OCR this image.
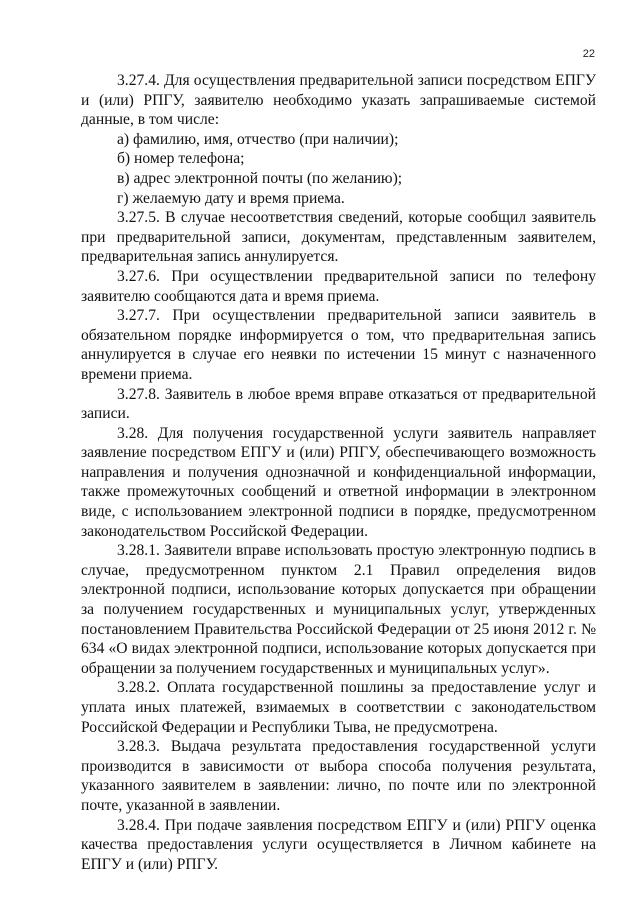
22

3.27.4. Для осуществления предварительной записи посредством ЕПГУ и (или) РПГУ, заявителю необходимо указать запрашиваемые системой данные, в том числе:

а) фамилию, имя, отчество (при наличии);

б) номер телефона;

в) адрес электронной почты (по желанию);

г) желаемую дату и время приема.

3.27.5. В случае несоответствия сведений, которые сообщил заявитель при предварительной записи, документам, представленным заявителем, предварительная запись аннулируется.

3.27.6. При осуществлении предварительной записи по телефону заявителю сообщаются дата и время приема.

3.27.7. При осуществлении предварительной записи заявитель в обязательном порядке информируется о том, что предварительная запись аннулируется в случае его неявки по истечении 15 минут с назначенного времени приема.

3.27.8. Заявитель в любое время вправе отказаться от предварительной записи.

3.28. Для получения государственной услуги заявитель направляет заявление посредством ЕПГУ и (или) РПГУ, обеспечивающего возможность направления и получения однозначной и конфиденциальной информации, также промежуточных сообщений и ответной информации в электронном виде, с использованием электронной подписи в порядке, предусмотренном законодательством Российской Федерации.

3.28.1. Заявители вправе использовать простую электронную подпись в случае, предусмотренном пунктом 2.1 Правил определения видов электронной подписи, использование которых допускается при обращении за получением государственных и муниципальных услуг, утвержденных постановлением Правительства Российской Федерации от 25 июня 2012 г. № 634 «О видах электронной подписи, использование которых допускается при обращении за получением государственных и муниципальных услуг».

3.28.2. Оплата государственной пошлины за предоставление услуг и уплата иных платежей, взимаемых в соответствии с законодательством Российской Федерации и Республики Тыва, не предусмотрена.

3.28.3. Выдача результата предоставления государственной услуги производится в зависимости от выбора способа получения результата, указанного заявителем в заявлении: лично, по почте или по электронной почте, указанной в заявлении.

3.28.4. При подаче заявления посредством ЕПГУ и (или) РПГУ оценка качества предоставления услуги осуществляется в Личном кабинете на ЕПГУ и (или) РПГУ.
